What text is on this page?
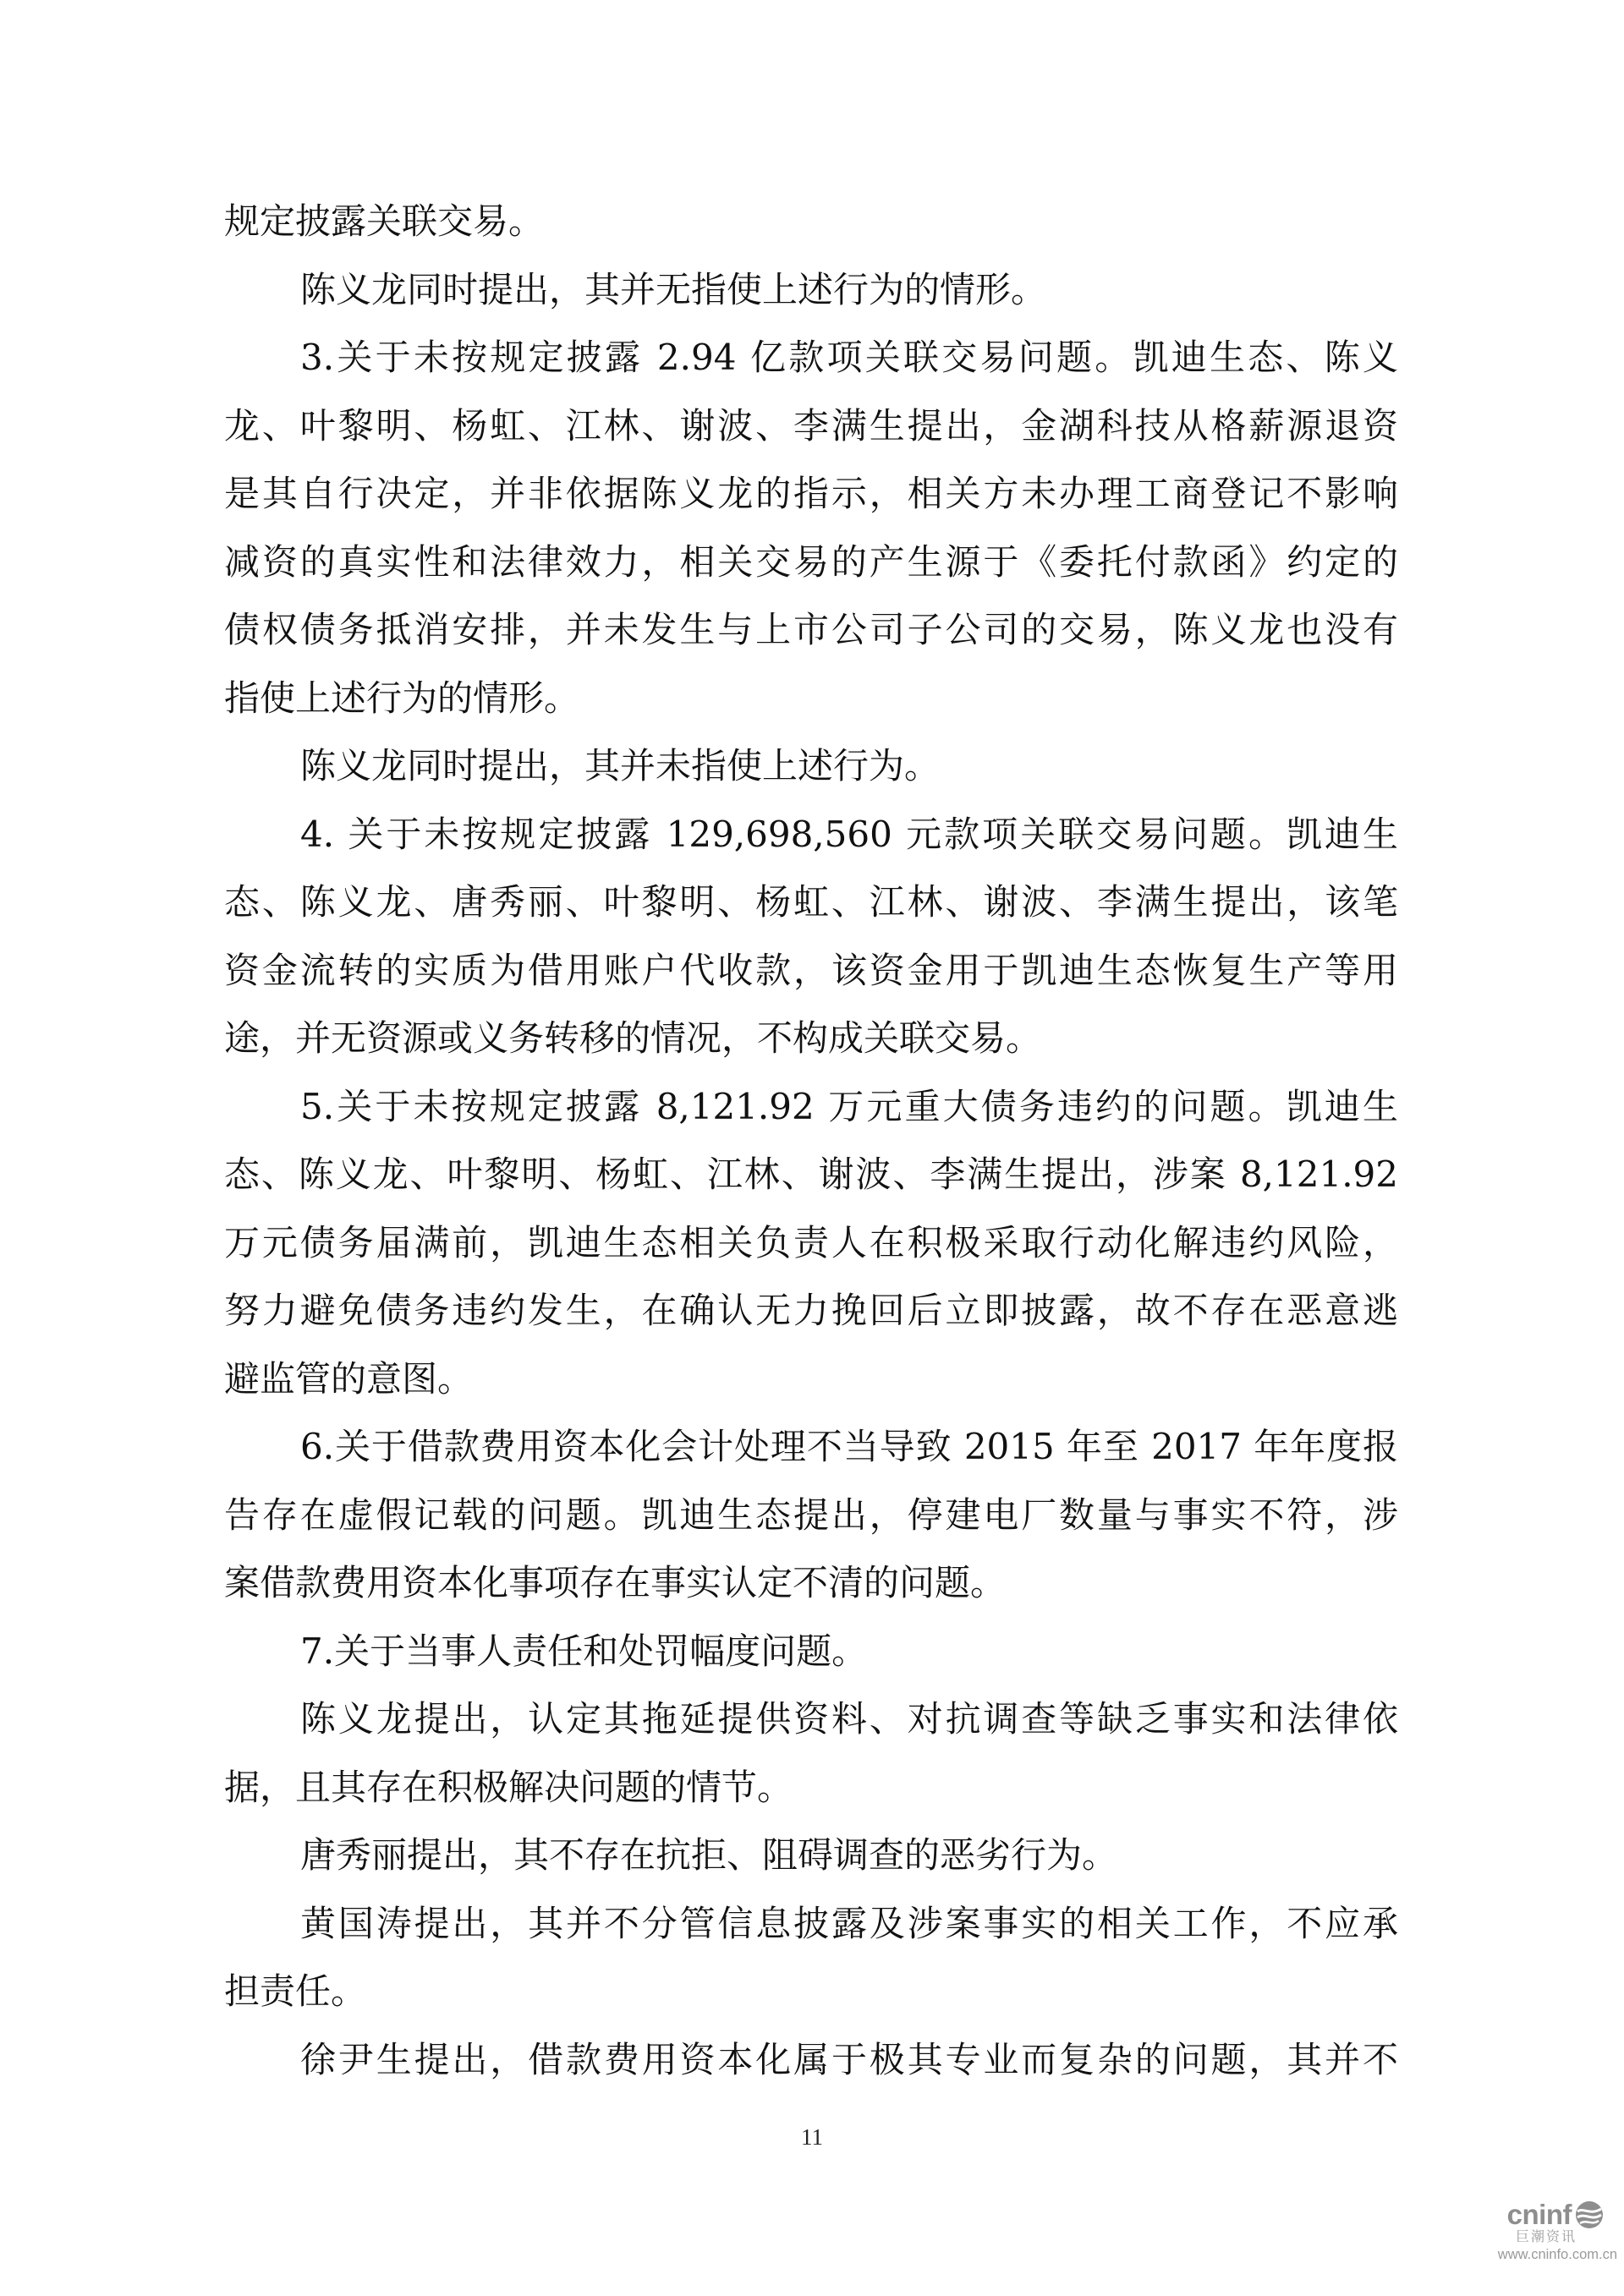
规定披露关联交易。
陈义龙同时提出，其并无指使上述行为的情形。
3.关于未按规定披露 2.94 亿款项关联交易问题。凯迪生态、陈义
龙、叶黎明、杨虹、江林、谢波、李满生提出，金湖科技从格薪源退资
是其自行决定，并非依据陈义龙的指示，相关方未办理工商登记不影响
减资的真实性和法律效力，相关交易的产生源于《委托付款函》约定的
债权债务抵消安排，并未发生与上市公司子公司的交易，陈义龙也没有
指使上述行为的情形。
陈义龙同时提出，其并未指使上述行为。
4. 关于未按规定披露 129,698,560 元款项关联交易问题。凯迪生
态、陈义龙、唐秀丽、叶黎明、杨虹、江林、谢波、李满生提出，该笔
资金流转的实质为借用账户代收款，该资金用于凯迪生态恢复生产等用
途，并无资源或义务转移的情况，不构成关联交易。
5.关于未按规定披露 8,121.92 万元重大债务违约的问题。凯迪生
态、陈义龙、叶黎明、杨虹、江林、谢波、李满生提出，涉案 8,121.92
万元债务届满前，凯迪生态相关负责人在积极采取行动化解违约风险，
努力避免债务违约发生，在确认无力挽回后立即披露，故不存在恶意逃
避监管的意图。
6.关于借款费用资本化会计处理不当导致 2015 年至 2017 年年度报
告存在虚假记载的问题。凯迪生态提出，停建电厂数量与事实不符，涉
案借款费用资本化事项存在事实认定不清的问题。
7.关于当事人责任和处罚幅度问题。
陈义龙提出，认定其拖延提供资料、对抗调查等缺乏事实和法律依
据，且其存在积极解决问题的情节。
唐秀丽提出，其不存在抗拒、阻碍调查的恶劣行为。
黄国涛提出，其并不分管信息披露及涉案事实的相关工作，不应承
担责任。
徐尹生提出，借款费用资本化属于极其专业而复杂的问题，其并不
11
cninf
巨潮资讯
www.cninfo.com.cn
